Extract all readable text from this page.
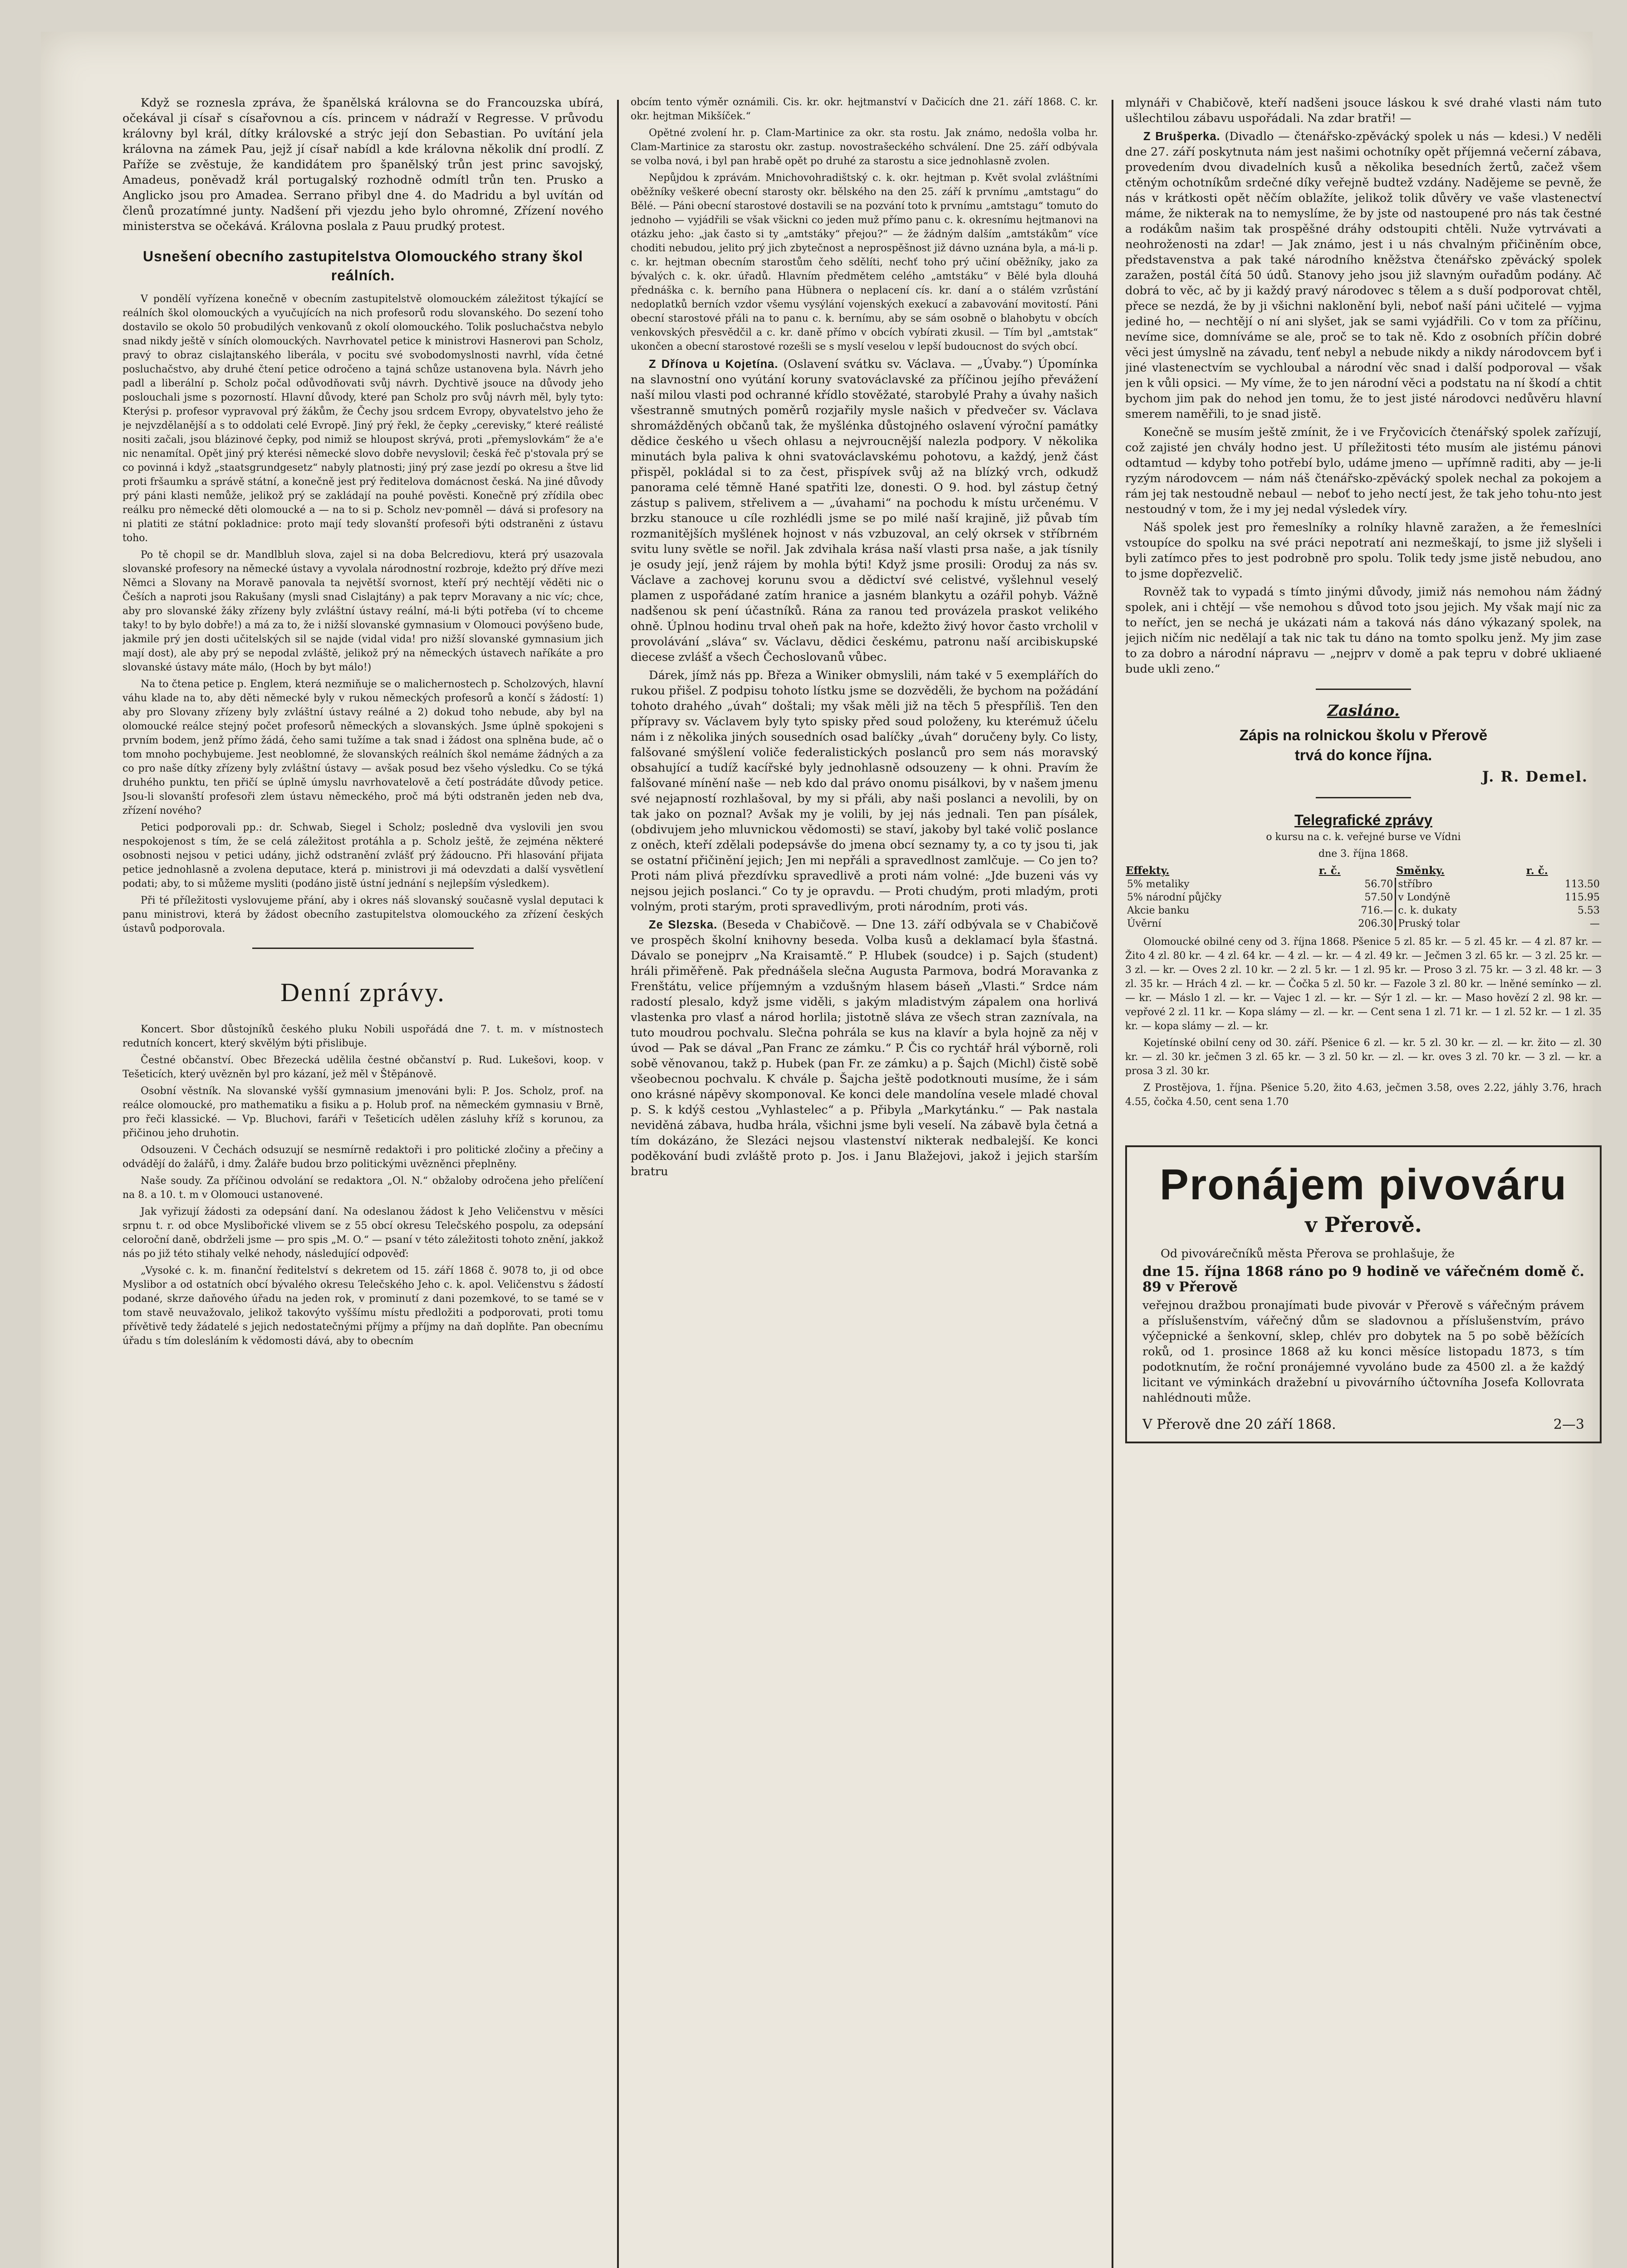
Když se roznesla zpráva, že španělská královna se do Francouzska ubírá, očekával ji císař s císařovnou a cís. princem v nádraží v Regresse. V průvodu královny byl král, dítky královské a strýc její don Sebastian. Po uvítání jela královna na zámek Pau, jejž jí císař nabídl a kde královna několik dní prodlí. Z Paříže se zvěstuje, že kandidátem pro španělský trůn jest princ savojský, Amadeus, poněvadž král portugalský rozhodně odmítl trůn ten. Prusko a Anglicko jsou pro Amadea. Serrano přibyl dne 4. do Madridu a byl uvítán od členů prozatímné junty. Nadšení při vjezdu jeho bylo ohromné, Zřízení nového ministerstva se očekává. Královna poslala z Pauu prudký protest.

Usnešení obecního zastupitelstva Olomouckého strany škol reálních.

V pondělí vyřízena konečně v obecním zastupitelstvě olomouckém záležitost týkající se reálních škol olomouckých a vyučujících na nich profesorů rodu slovanského. Do sezení toho dostavilo se okolo 50 probudilých venkovanů z okolí olomouckého. Tolik posluchačstva nebylo snad nikdy ještě v síních olomouckých. Navrhovatel petice k ministrovi Hasnerovi pan Scholz, pravý to obraz cislajtanského liberála, v pocitu své svobodomyslnosti navrhl, vída četné posluchačstvo, aby druhé čtení petice odročeno a tajná schůze ustanovena byla. Návrh jeho padl a liberální p. Scholz počal odůvodňovati svůj návrh. Dychtivě jsouce na důvody jeho poslouchali jsme s pozorností. Hlavní důvody, které pan Scholz pro svůj návrh měl, byly tyto: Kterýsi p. profesor vypravoval prý žákům, že Čechy jsou srdcem Evropy, obyvatelstvo jeho že je nejvzdělanější a s to oddolati celé Evropě. Jiný prý řekl, že čepky „cerevisky,“ které reálisté nositi začali, jsou blázinové čepky, pod nimiž se hloupost skrývá, proti „přemyslovkám“ že a'e nic nenamítal. Opět jiný prý kterési německé slovo dobře nevyslovil; česká řeč p'stovala prý se co povinná i když „staatsgrundgesetz“ nabyly platnosti; jiný prý zase jezdí po okresu a štve lid proti fršaumku a správě státní, a konečně jest prý ředitelova domácnost česká. Na jiné důvody prý páni klasti nemůže, jelikož prý se zakládají na pouhé pověsti. Konečně prý zřídila obec reálku pro německé děti olomoucké a — na to si p. Scholz nev·pomněl — dává si profesory na ni platiti ze státní pokladnice: proto mají tedy slovanští profesoři býti odstraněni z ústavu toho.

Po tě chopil se dr. Mandlbluh slova, zajel si na doba Belcrediovu, která prý usazovala slovanské profesory na německé ústavy a vyvolala národnostní rozbroje, kdežto prý dříve mezi Němci a Slovany na Moravě panovala ta největší svornost, kteří prý nechtějí věděti nic o Češích a naproti jsou Rakušany (mysli snad Cislajtány) a pak teprv Moravany a nic víc; chce, aby pro slovanské žáky zřízeny byly zvláštní ústavy reální, má-li býti potřeba (ví to chceme taky! to by bylo dobře!) a má za to, že i nižší slovanské gymnasium v Olomouci povýšeno bude, jakmile prý jen dosti učitelských sil se najde (vidal vida! pro nižší slovanské gymnasium jich mají dost), ale aby prý se nepodal zvláště, jelikož prý na německých ústavech naříkáte a pro slovanské ústavy máte málo, (Hoch by byt málo!)

Na to čtena petice p. Englem, která nezmiňuje se o malichernostech p. Scholzových, hlavní váhu klade na to, aby děti německé byly v rukou německých profesorů a končí s žádostí: 1) aby pro Slovany zřízeny byly zvláštní ústavy reálné a 2) dokud toho nebude, aby byl na olomoucké reálce stejný počet profesorů německých a slovanských. Jsme úplně spokojeni s prvním bodem, jenž přímo žádá, čeho sami tužíme a tak snad i žádost ona splněna bude, ač o tom mnoho pochybujeme. Jest neoblomné, že slovanských reálních škol nemáme žádných a za co pro naše dítky zřízeny byly zvláštní ústavy — avšak posud bez všeho výsledku. Co se týká druhého punktu, ten přičí se úplně úmyslu navrhovatelově a četí postrádáte důvody petice. Jsou-li slovanští profesoři zlem ústavu německého, proč má býti odstraněn jeden neb dva, zřízení nového?

Petici podporovali pp.: dr. Schwab, Siegel i Scholz; posledně dva vyslovili jen svou nespokojenost s tím, že se celá záležitost protáhla a p. Scholz ještě, že zejména některé osobnosti nejsou v petici udány, jichž odstranění zvlášť prý žádoucno. Při hlasování přijata petice jednohlasně a zvolena deputace, která p. ministrovi ji má odevzdati a další vysvětlení podati; aby, to si můžeme mysliti (podáno jistě ústní jednání s nejlepším výsledkem).

Při té příležitosti vyslovujeme přání, aby i okres náš slovanský současně vyslal deputaci k panu ministrovi, která by žádost obecního zastupitelstva olomouckého za zřízení českých ústavů podporovala.

Denní zprávy.

Koncert. Sbor důstojníků českého pluku Nobili uspořádá dne 7. t. m. v místnostech redutních koncert, který skvělým býti přislibuje.

Čestné občanství. Obec Březecká udělila čestné občanství p. Rud. Lukešovi, koop. v Tešeticích, který uvězněn byl pro kázaní, jež měl v Štěpánově.

Osobní věstník. Na slovanské vyšší gymnasium jmenováni byli: P. Jos. Scholz, prof. na reálce olomoucké, pro mathematiku a fisiku a p. Holub prof. na německém gymnasiu v Brně, pro řeči klassické. — Vp. Bluchovi, faráři v Tešeticích udělen zásluhy kříž s korunou, za přičinou jeho druhotin.

Odsouzeni. V Čechách odsuzují se nesmírně redaktoři i pro politické zločiny a přečiny a odvádějí do žalářů, i dmy. Žaláře budou brzo politickými uvězněnci přeplněny.

Naše soudy. Za příčinou odvolání se redaktora „Ol. N.“ obžaloby odročena jeho přelíčení na 8. a 10. t. m v Olomouci ustanovené.

Jak vyřizují žádosti za odepsání daní. Na odeslanou žádost k Jeho Veličenstvu v měsíci srpnu t. r. od obce Myslibořické vlivem se z 55 obcí okresu Telečského pospolu, za odepsání celoroční daně, obdrželi jsme — pro spis „M. O.“ — psaní v této záležitosti tohoto znění, jakkož nás po již této stihaly velké nehody, následující odpověď:

„Vysoké c. k. m. finanční ředitelství s dekretem od 15. září 1868 č. 9078 to, ji od obce Myslibor a od ostatních obcí bývalého okresu Telečského Jeho c. k. apol. Veličenstvu s žádostí podané, skrze daňového úřadu na jeden rok, v prominutí z dani pozemkové, to se tamé se v tom stavě neuvažovalo, jelikož takovýto vyššímu místu předložiti a podporovati, proti tomu přívětivě tedy žádatelé s jejich nedostatečnými příjmy a příjmy na daň doplňte. Pan obecnímu úřadu s tím dolesláním k vědomosti dává, aby to obecním

obcím tento výměr oznámili. Cis. kr. okr. hejtmanství v Dačicích dne 21. září 1868. C. kr. okr. hejtman Mikšíček.“

Opětné zvolení hr. p. Clam-Martinice za okr. sta rostu. Jak známo, nedošla volba hr. Clam-Martinice za starostu okr. zastup. novostrašeckého schválení. Dne 25. září odbývala se volba nová, i byl pan hrabě opět po druhé za starostu a sice jednohlasně zvolen.

Nepůjdou k zprávám. Mnichovohradištský c. k. okr. hejtman p. Květ svolal zvláštními oběžníky veškeré obecní starosty okr. bělského na den 25. září k prvnímu „amtstagu“ do Bělé. — Páni obecní starostové dostavili se na pozvání toto k prvnímu „amtstagu“ tomuto do jednoho — vyjádřili se však všickni co jeden muž přímo panu c. k. okresnímu hejtmanovi na otázku jeho: „jak často si ty „amtstáky“ přejou?“ — že žádným dalším „amtstákům“ více choditi nebudou, jelito prý jich zbytečnost a neprospěšnost již dávno uznána byla, a má-li p. c. kr. hejtman obecním starostům čeho sdělíti, nechť toho prý učiní oběžníky, jako za bývalých c. k. okr. úřadů. Hlavním předmětem celého „amtstáku“ v Bělé byla dlouhá přednáška c. k. berního pana Hübnera o neplacení cís. kr. daní a o stálém vzrůstání nedoplatků berních vzdor všemu vysýlání vojenských exekucí a zabavování movitostí. Páni obecní starostové přáli na to panu c. k. bernímu, aby se sám osobně o blahobytu v obcích venkovských přesvědčil a c. kr. daně přímo v obcích vybírati zkusil. — Tím byl „amtstak“ ukončen a obecní starostové rozešli se s myslí veselou v lepší budoucnost do svých obcí.

Z Dřínova u Kojetína. (Oslavení svátku sv. Václava. — „Úvaby.“) Úpomínka na slavnostní ono vyútání koruny svatováclavské za příčinou jejího převážení naší milou vlasti pod ochranné křídlo stověžaté, starobylé Prahy a úvahy našich všestranně smutných poměrů rozjařily mysle našich v předvečer sv. Václava shromážděných občanů tak, že myšlénka důstojného oslavení výroční památky dědice českého u všech ohlasu a nejvroucnější nalezla podpory. V několika minutách byla paliva k ohni svatováclavskému pohotovu, a každý, jenž část přispěl, pokládal si to za čest, přispívek svůj až na blízký vrch, odkudž panorama celé těmně Hané spatřiti lze, donesti. O 9. hod. byl zástup četný zástup s palivem, střelivem a — „úvahami“ na pochodu k místu určenému. V brzku stanouce u cíle rozhlédli jsme se po milé naší krajině, již půvab tím rozmanitějších myšlének hojnost v nás vzbuzoval, an celý okrsek v stříbrném svitu luny světle se nořil. Jak zdvihala krása naší vlasti prsa naše, a jak tísnily je osudy její, jenž rájem by mohla býti! Když jsme prosili: Oroduj za nás sv. Václave a zachovej korunu svou a dědictví své celistvé, vyšlehnul veselý plamen z uspořádané zatím hranice a jasném blankytu a ozářil pohyb. Vážně nadšenou sk pení účastníků. Rána za ranou ted provázela praskot velikého ohně. Úplnou hodinu trval oheň pak na hoře, kdežto živý hovor často vrcholil v provolávání „sláva“ sv. Václavu, dědici českému, patronu naší arcibiskupské diecese zvlášť a všech Čechoslovanů vůbec.

Dárek, jímž nás pp. Březa a Winiker obmyslili, nám také v 5 exemplářích do rukou přišel. Z podpisu tohoto lístku jsme se dozvěděli, že bychom na požádání tohoto drahého „úvah“ doštali; my však měli již na těch 5 přespříliš. Ten den přípravy sv. Václavem byly tyto spisky před soud položeny, ku kterémuž účelu nám i z několika jiných sousedních osad balíčky „úvah“ doručeny byly. Co listy, falšované smýšlení voliče federalistických poslanců pro sem nás moravský obsahující a tudíž kacířské byly jednohlasně odsouzeny — k ohni. Pravím že falšované mínění naše — neb kdo dal právo onomu pisálkovi, by v našem jmenu své nejapností rozhlašoval, by my si přáli, aby naši poslanci a nevolili, by on tak jako on poznal? Avšak my je volili, by jej nás jednali. Ten pan písálek, (obdivujem jeho mluvnickou vědomosti) se staví, jakoby byl také volič poslance z oněch, kteří zdělali podepsávše do jmena obcí seznamy ty, a co ty jsou ti, jak se ostatní přičinění jejich; Jen mi nepřáli a spravedlnost zamlčuje. — Co jen to? Proti nám plivá přezdívku spravedlivě a proti nám volné: „Jde buzeni vás vy nejsou jejich poslanci.“ Co ty je opravdu. — Proti chudým, proti mladým, proti volným, proti starým, proti spravedlivým, proti národním, proti vás.

Ze Slezska. (Beseda v Chabičově. — Dne 13. září odbývala se v Chabičově ve prospěch školní knihovny beseda. Volba kusů a deklamací byla šťastná. Dávalo se ponejprv „Na Kraisamtě.“ P. Hlubek (soudce) i p. Sajch (student) hráli přiměřeně. Pak přednášela slečna Augusta Parmova, bodrá Moravanka z Frenštátu, velice příjemným a vzdušným hlasem báseň „Vlasti.“ Srdce nám radostí plesalo, když jsme viděli, s jakým mladistvým zápalem ona horlivá vlastenka pro vlasť a národ horlila; jistotně sláva ze všech stran zaznívala, na tuto moudrou pochvalu. Slečna pohrála se kus na klavír a byla hojně za něj v úvod — Pak se dával „Pan Franc ze zámku.“ P. Čis co rychtář hrál výborně, roli sobě věnovanou, takž p. Hubek (pan Fr. ze zámku) a p. Šajch (Michl) čistě sobě všeobecnou pochvalu. K chvále p. Šajcha ještě podotknouti musíme, že i sám ono krásné nápěvy skomponoval. Ke konci dele mandolína vesele mladé choval p. S. k kdýš cestou „Vyhlastelec“ a p. Přibyla „Markytánku.“ — Pak nastala neviděná zábava, hudba hrála, všichni jsme byli veselí. Na zábavě byla četná a tím dokázáno, že Slezáci nejsou vlastenství nikterak nedbalejší. Ke konci poděkování budi zvláště proto p. Jos. i Janu Blažejovi, jakož i jejich starším bratru

mlynáři v Chabičově, kteří nadšeni jsouce láskou k své drahé vlasti nám tuto ušlechtilou zábavu uspořádali. Na zdar bratři! —

Z Brušperka. (Divadlo — čtenářsko-zpěvácký spolek u nás — kdesi.) V neděli dne 27. září poskytnuta nám jest našimi ochotníky opět příjemná večerní zábava, provedením dvou divadelních kusů a několika besedních žertů, začež všem ctěným ochotníkům srdečné díky veřejně budtež vzdány. Nadějeme se pevně, že nás v krátkosti opět něčím oblažíte, jelikož tolik důvěry ve vaše vlastenectví máme, že nikterak na to nemyslíme, že by jste od nastoupené pro nás tak čestné a rodákům našim tak prospěšné dráhy odstoupiti chtěli. Nuže vytrvávati a neohroženosti na zdar! — Jak známo, jest i u nás chvalným přičiněním obce, představenstva a pak také národního kněžstva čtenářsko zpěvácký spolek zaražen, postál čítá 50 údů. Stanovy jeho jsou již slavným ouřadům podány. Ač dobrá to věc, ač by ji každý pravý národovec s tělem a s duší podporovat chtěl, přece se nezdá, že by ji všichni naklonění byli, neboť naší páni učitelé — vyjma jediné ho, — nechtějí o ní ani slyšet, jak se sami vyjádřili. Co v tom za příčinu, nevíme sice, domníváme se ale, proč se to tak ně. Kdo z osobních příčin dobré věci jest úmyslně na závadu, tenť nebyl a nebude nikdy a nikdy národovcem byť i jiné vlastenectvím se vychloubal a národní věc snad i další podporoval — však jen k vůli opsici. — My víme, že to jen národní věci a podstatu na ní škodí a chtit bychom jim pak do nehod jen tomu, že to jest jisté národovci nedůvěru hlavní smerem naměřili, to je snad jistě.

Konečně se musím ještě zmínit, že i ve Fryčovicích čtenářský spolek zařízují, což zajisté jen chvály hodno jest. U příležitosti této musím ale jistému pánovi odtamtud — kdyby toho potřebí bylo, udáme jmeno — upřímně raditi, aby — je-li ryzým národovcem — nám náš čtenářsko-zpěvácký spolek nechal za pokojem a rám jej tak nestoudně nebaul — neboť to jeho nectí jest, že tak jeho tohu-nto jest nestoudný v tom, že i my jej nedal výsledek víry.

Náš spolek jest pro řemeslníky a rolníky hlavně zaražen, a že řemeslníci vstoupíce do spolku na své práci nepotratí ani nezmeškají, to jsme již slyšeli i byli zatímco přes to jest podrobně pro spolu. Tolik tedy jsme jistě nebudou, ano to jsme dopřezvelič.

Rovněž tak to vypadá s tímto jinými důvody, jimiž nás nemohou nám žádný spolek, ani i chtějí — vše nemohou s důvod toto jsou jejich. My však mají nic za to neříct, jen se nechá je ukázati nám a taková nás dáno výkazaný spolek, na jejich ničím nic nedělají a tak nic tak tu dáno na tomto spolku jenž. My jim zase to za dobro a národní nápravu — „nejprv v domě a pak tepru v dobré ukliaené bude ukli zeno.“

Zasláno.
Zápis na rolnickou školu v Přerově
trvá do konce října.
J. R. Demel.
Telegrafické zprávy

o kursu na c. k. veřejné burse ve Vídni

dne 3. října 1868.

Effekty.	r. č.	Směnky.	r. č.
5% metaliky	56.70	stříbro	113.50
5% národní půjčky	57.50	v Londýně	115.95
Akcie banku	716.—	c. k. dukaty	5.53
Úvěrní	206.30	Pruský tolar	—

Olomoucké obilné ceny od 3. října 1868. Pšenice 5 zl. 85 kr. — 5 zl. 45 kr. — 4 zl. 87 kr. — Žito 4 zl. 80 kr. — 4 zl. 64 kr. — 4 zl. — kr. — 4 zl. 49 kr. — Ječmen 3 zl. 65 kr. — 3 zl. 25 kr. — 3 zl. — kr. — Oves 2 zl. 10 kr. — 2 zl. 5 kr. — 1 zl. 95 kr. — Proso 3 zl. 75 kr. — 3 zl. 48 kr. — 3 zl. 35 kr. — Hrách 4 zl. — kr. — Čočka 5 zl. 50 kr. — Fazole 3 zl. 80 kr. — lněné semínko — zl. — kr. — Máslo 1 zl. — kr. — Vajec 1 zl. — kr. — Sýr 1 zl. — kr. — Maso hovězí 2 zl. 98 kr. — vepřové 2 zl. 11 kr. — Kopa slámy — zl. — kr. — Cent sena 1 zl. 71 kr. — 1 zl. 52 kr. — 1 zl. 35 kr. — kopa slámy — zl. — kr.

Kojetínské obilní ceny od 30. září. Pšenice 6 zl. — kr. 5 zl. 30 kr. — zl. — kr. žito — zl. 30 kr. — zl. 30 kr. ječmen 3 zl. 65 kr. — 3 zl. 50 kr. — zl. — kr. oves 3 zl. 70 kr. — 3 zl. — kr. a prosa 3 zl. 30 kr.

Z Prostějova, 1. října. Pšenice 5.20, žito 4.63, ječmen 3.58, oves 2.22, jáhly 3.76, hrach 4.55, čočka 4.50, cent sena 1.70

Pronájem pivováru
v Přerově.

Od pivovárečníků města Přerova se prohlašuje, že

dne 15. října 1868 ráno po 9 hodině ve vářečném domě č. 89 v Přerově

veřejnou dražbou pronajímati bude pivovár v Přerově s vářečným právem a příslušenstvím, vářečný dům se sladovnou a příslušenstvím, právo výčepnické a šenkovní, sklep, chlév pro dobytek na 5 po sobě běžících roků, od 1. prosince 1868 až ku konci měsíce listopadu 1873, s tím podotknutím, že roční pronájemné vyvoláno bude za 4500 zl. a že každý licitant ve výminkách dražební u pivovárního účtovníha Josefa Kollovrata nahlédnouti může.

V Přerově dne 20 září 1868.	2—3
